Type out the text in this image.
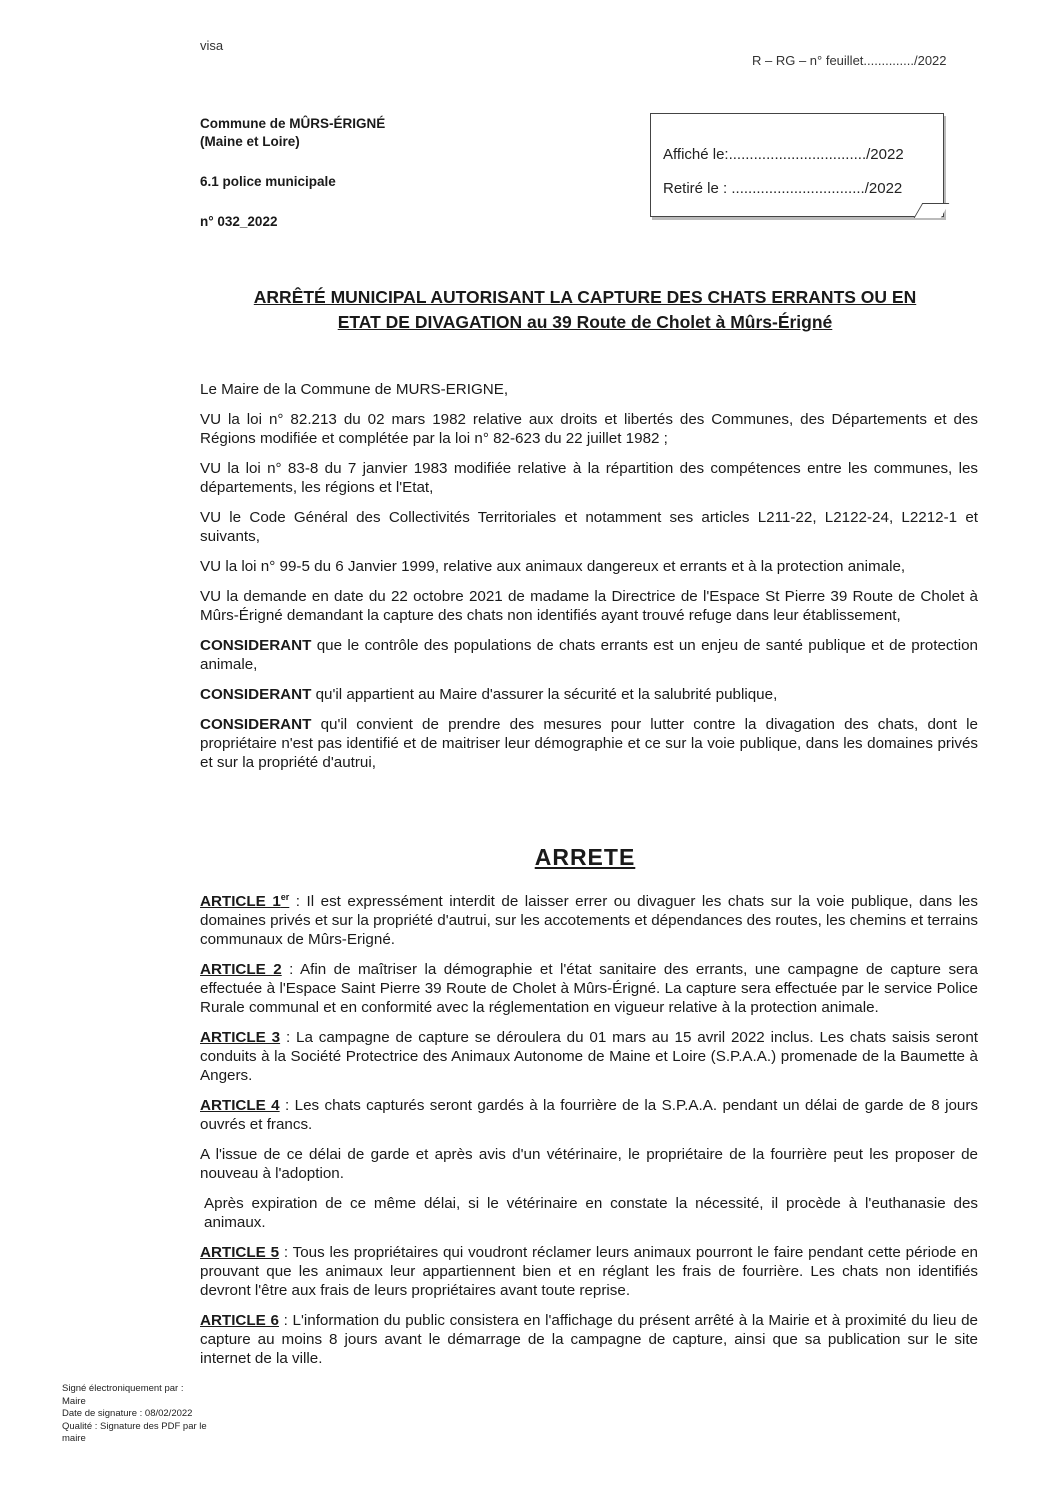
visa
R – RG – n° feuillet............../2022
Commune de MÛRS-ÉRIGNÉ
(Maine et Loire)
6.1 police municipale
n° 032_2022
Affiché le:................................./2022
Retiré le : ................................/2022
ARRÊTÉ MUNICIPAL AUTORISANT LA CAPTURE DES CHATS ERRANTS OU EN
ETAT DE DIVAGATION au 39 Route de Cholet à Mûrs-Érigné

Le Maire de la Commune de MURS-ERIGNE,

VU la loi n° 82.213 du 02 mars 1982 relative aux droits et libertés des Communes, des Départements et des Régions modifiée et complétée par la loi n° 82-623 du 22 juillet 1982 ;

VU la loi n° 83-8 du 7 janvier 1983 modifiée relative à la répartition des compétences entre les communes, les départements, les régions et l'Etat,

VU le Code Général des Collectivités Territoriales et notamment ses articles L211-22, L2122-24, L2212-1 et suivants,

VU la loi n° 99-5 du 6 Janvier 1999, relative aux animaux dangereux et errants et à la protection animale,

VU la demande en date du 22 octobre 2021 de madame la Directrice de l'Espace St Pierre 39 Route de Cholet à Mûrs-Érigné demandant la capture des chats non identifiés ayant trouvé refuge dans leur établissement,

CONSIDERANT que le contrôle des populations de chats errants est un enjeu de santé publique et de protection animale,

CONSIDERANT qu'il appartient au Maire d'assurer la sécurité et la salubrité publique,

CONSIDERANT qu'il convient de prendre des mesures pour lutter contre la divagation des chats, dont le propriétaire n'est pas identifié et de maitriser leur démographie et ce sur la voie publique, dans les domaines privés et sur la propriété d'autrui,

ARRETE

ARTICLE 1er : Il est expressément interdit de laisser errer ou divaguer les chats sur la voie publique, dans les domaines privés et sur la propriété d'autrui, sur les accotements et dépendances des routes, les chemins et terrains communaux de Mûrs-Erigné.

ARTICLE 2 : Afin de maîtriser la démographie et l'état sanitaire des errants, une campagne de capture sera effectuée à l'Espace Saint Pierre 39 Route de Cholet à Mûrs-Érigné. La capture sera effectuée par le service Police Rurale communal et en conformité avec la réglementation en vigueur relative à la protection animale.

ARTICLE 3 : La campagne de capture se déroulera du 01 mars au 15 avril 2022 inclus. Les chats saisis seront conduits à la Société Protectrice des Animaux Autonome de Maine et Loire (S.P.A.A.) promenade de la Baumette à Angers.

ARTICLE 4 : Les chats capturés seront gardés à la fourrière de la S.P.A.A. pendant un délai de garde de 8 jours ouvrés et francs.

A l'issue de ce délai de garde et après avis d'un vétérinaire, le propriétaire de la fourrière peut les proposer de nouveau à l'adoption.

Après expiration de ce même délai, si le vétérinaire en constate la nécessité, il procède à l'euthanasie des animaux.

ARTICLE 5 : Tous les propriétaires qui voudront réclamer leurs animaux pourront le faire pendant cette période en prouvant que les animaux leur appartiennent bien et en réglant les frais de fourrière. Les chats non identifiés devront l'être aux frais de leurs propriétaires avant toute reprise.

ARTICLE 6 : L'information du public consistera en l'affichage du présent arrêté à la Mairie et à proximité du lieu de capture au moins 8 jours avant le démarrage de la campagne de capture, ainsi que sa publication sur le site internet de la ville.

Signé électroniquement par :
Maire
Date de signature : 08/02/2022
Qualité : Signature des PDF par le
maire
